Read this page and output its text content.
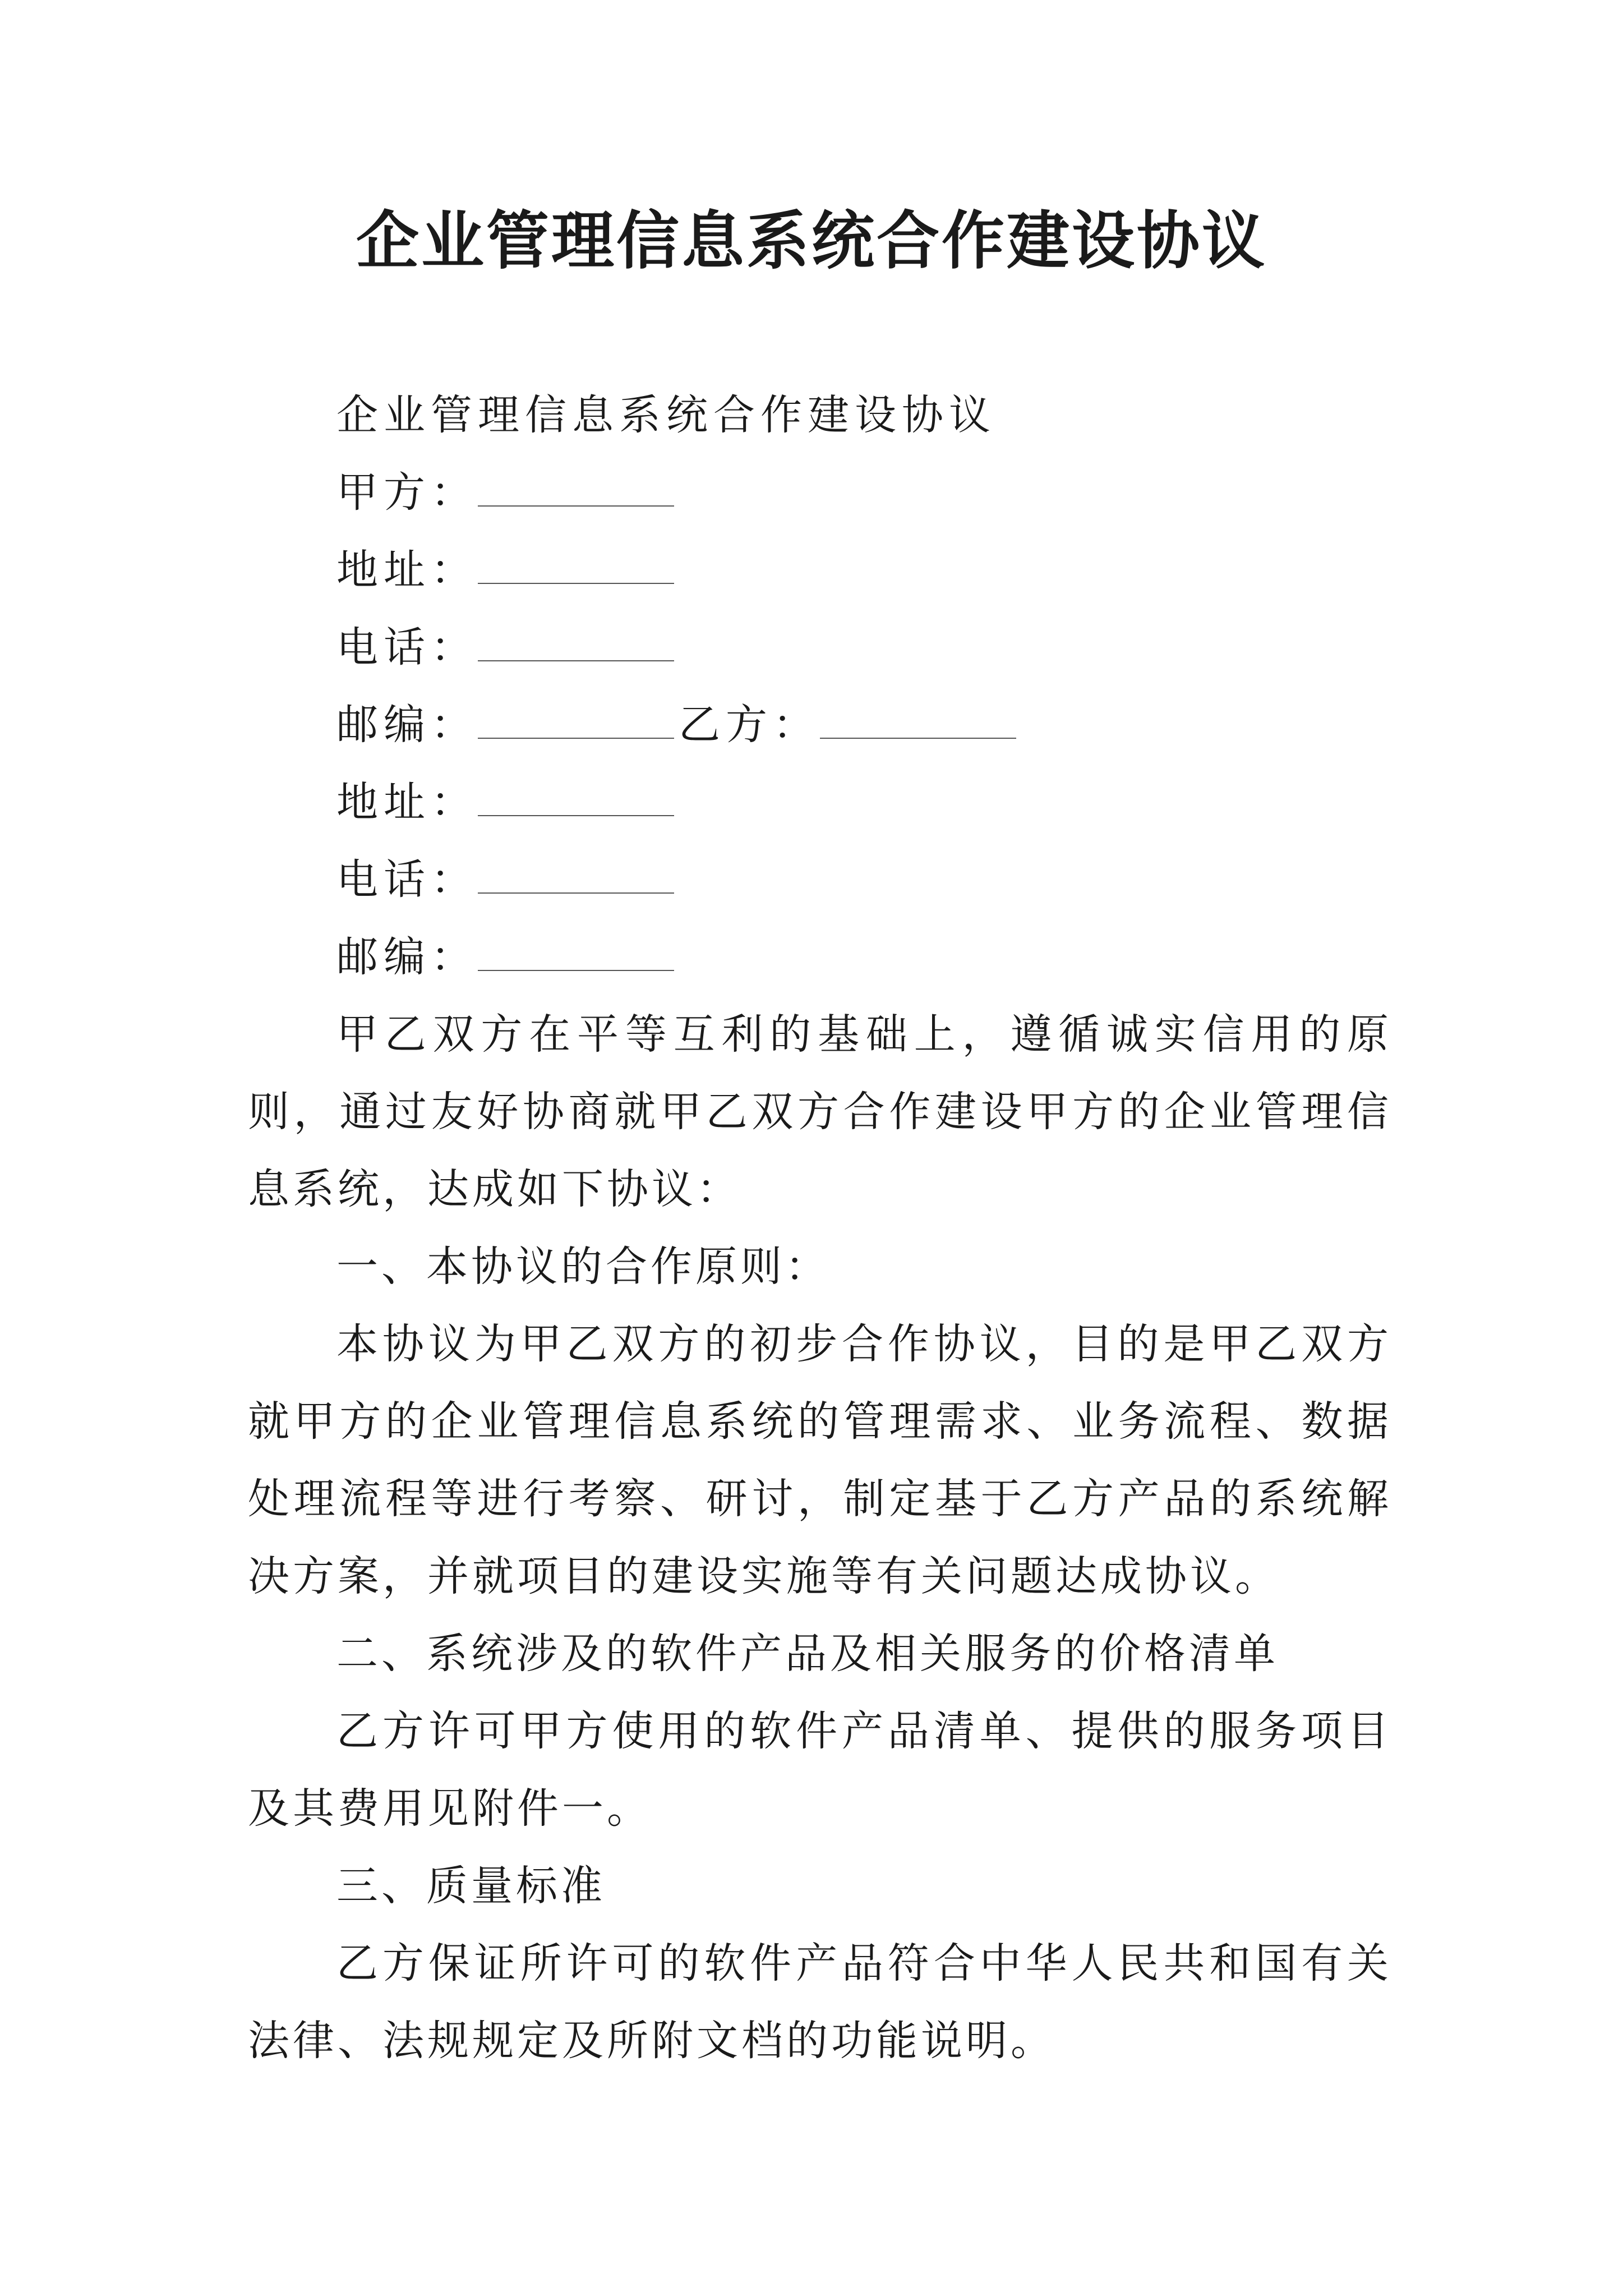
企业管理信息系统合作建设协议
企业管理信息系统合作建设协议
甲方：
地址：
电话：
邮编：	乙方：
地址：
电话：
邮编：
甲乙双方在平等互利的基础上，遵循诚实信用的原则，通过友好协商就甲乙双方合作建设甲方的企业管理信息系统，达成如下协议：
一、本协议的合作原则：
本协议为甲乙双方的初步合作协议，目的是甲乙双方就甲方的企业管理信息系统的管理需求、业务流程、数据处理流程等进行考察、研讨，制定基于乙方产品的系统解决方案，并就项目的建设实施等有关问题达成协议。
二、系统涉及的软件产品及相关服务的价格清单
乙方许可甲方使用的软件产品清单、提供的服务项目及其费用见附件一。
三、质量标准
乙方保证所许可的软件产品符合中华人民共和国有关法律、法规规定及所附文档的功能说明。
